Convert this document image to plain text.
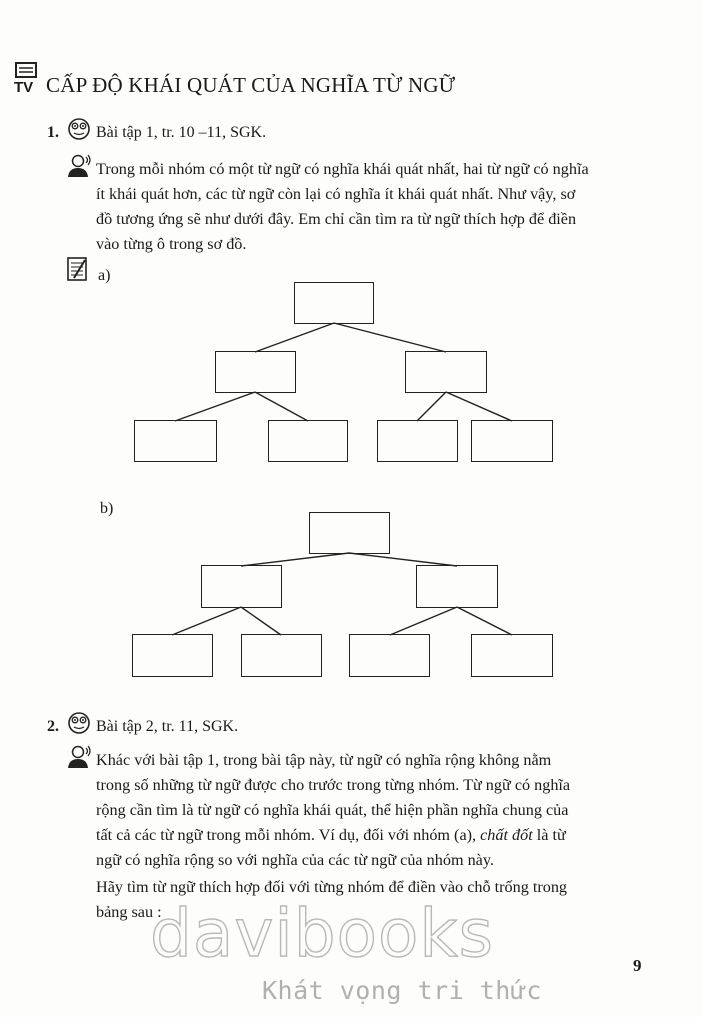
TV CẤP ĐỘ KHÁI QUÁT CỦA NGHĨA TỪ NGỮ
1. Bài tập 1, tr. 10 –11, SGK.
Trong mỗi nhóm có một từ ngữ có nghĩa khái quát nhất, hai từ ngữ có nghĩa
ít khái quát hơn, các từ ngữ còn lại có nghĩa ít khái quát nhất. Như vậy, sơ
đồ tương ứng sẽ như dưới đây. Em chỉ cần tìm ra từ ngữ thích hợp để điền
vào từng ô trong sơ đồ.
a)
b)
2. Bài tập 2, tr. 11, SGK.
Khác với bài tập 1, trong bài tập này, từ ngữ có nghĩa rộng không nằm
trong số những từ ngữ được cho trước trong từng nhóm. Từ ngữ có nghĩa
rộng cần tìm là từ ngữ có nghĩa khái quát, thể hiện phần nghĩa chung của
tất cả các từ ngữ trong mỗi nhóm. Ví dụ, đối với nhóm (a), chất đốt là từ
ngữ có nghĩa rộng so với nghĩa của các từ ngữ của nhóm này.
Hãy tìm từ ngữ thích hợp đối với từng nhóm để điền vào chỗ trống trong
bảng sau :
davibooks
Khát vọng tri thức
9
